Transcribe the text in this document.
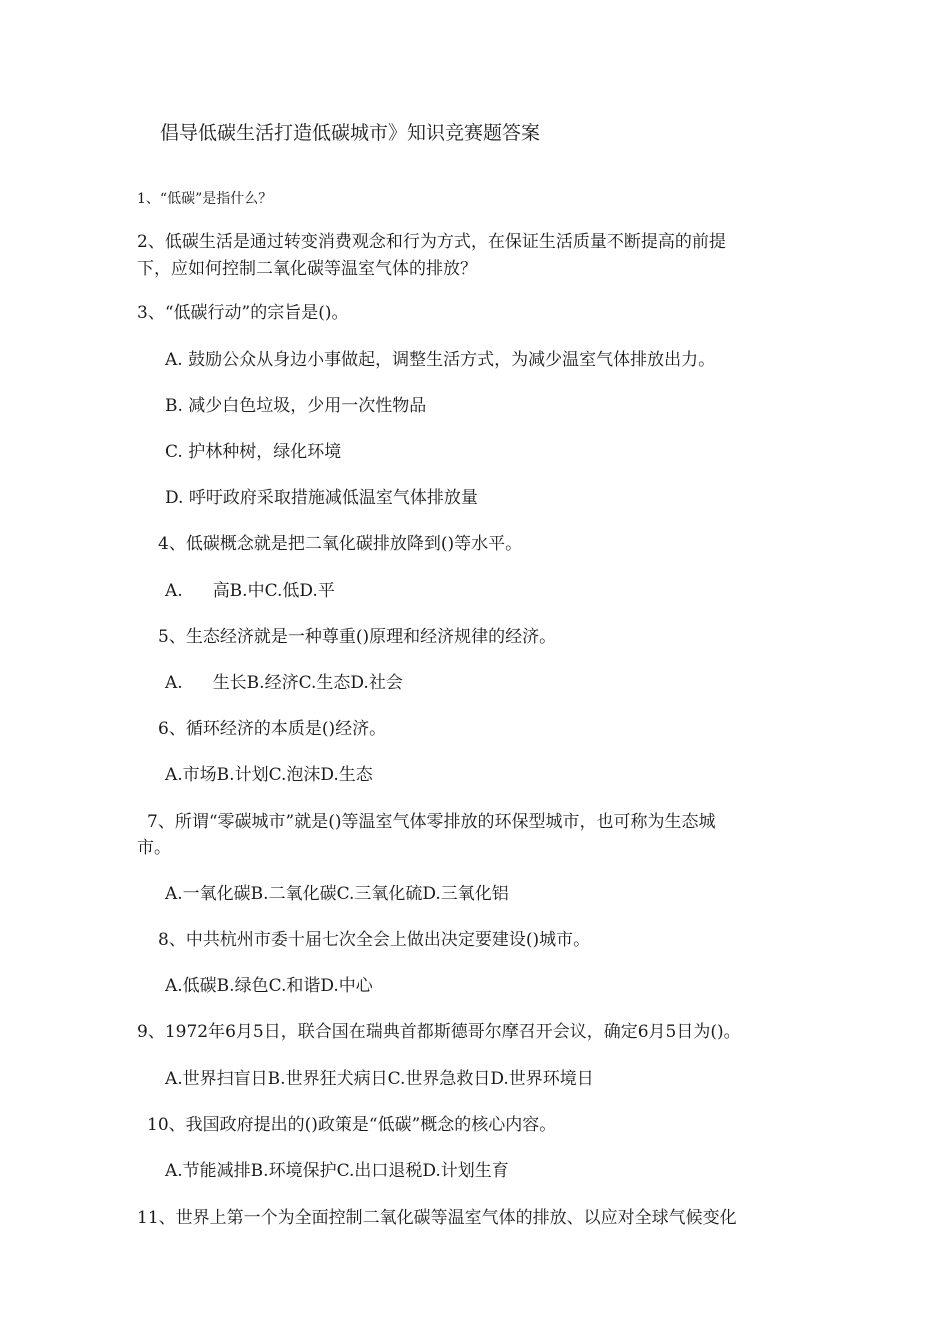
倡导低碳生活打造低碳城市》知识竞赛题答案
1、“低碳”是指什么？
2、低碳生活是通过转变消费观念和行为方式，在保证生活质量不断提高的前提
下，应如何控制二氧化碳等温室气体的排放？
3、“低碳行动”的宗旨是()。
A. 鼓励公众从身边小事做起，调整生活方式，为减少温室气体排放出力。
B. 减少白色垃圾，少用一次性物品
C. 护林种树，绿化环境
D. 呼吁政府采取措施减低温室气体排放量
4、低碳概念就是把二氧化碳排放降到()等水平。
A. 高B.中C.低D.平
5、生态经济就是一种尊重()原理和经济规律的经济。
A. 生长B.经济C.生态D.社会
6、循环经济的本质是()经济。
A.市场B.计划C.泡沫D.生态
7、所谓“零碳城市”就是()等温室气体零排放的环保型城市，也可称为生态城
市。
A.一氧化碳B.二氧化碳C.三氧化硫D.三氧化铝
8、中共杭州市委十届七次全会上做出决定要建设()城市。
A.低碳B.绿色C.和谐D.中心
9、1972年6月5日，联合国在瑞典首都斯德哥尔摩召开会议，确定6月5日为()。
A.世界扫盲日B.世界狂犬病日C.世界急救日D.世界环境日
10、我国政府提出的()政策是“低碳”概念的核心内容。
A.节能减排B.环境保护C.出口退税D.计划生育
11、世界上第一个为全面控制二氧化碳等温室气体的排放、以应对全球气候变化
